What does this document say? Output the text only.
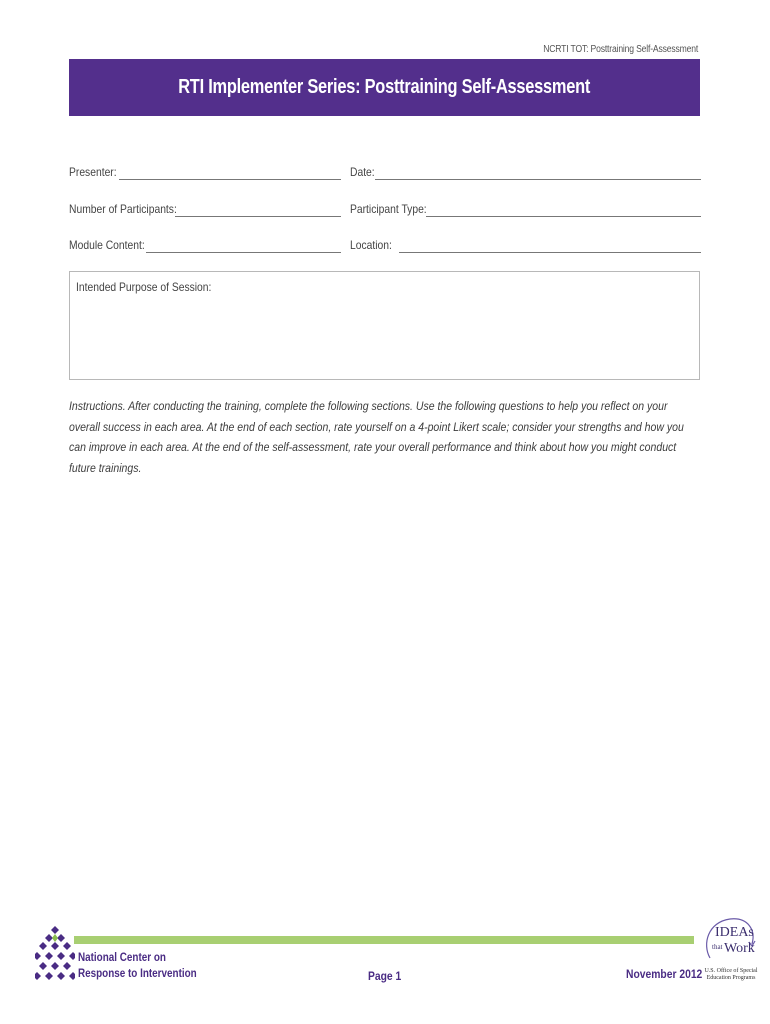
NCRTI TOT: Posttraining Self-Assessment
RTI Implementer Series: Posttraining Self-Assessment
Presenter:	Date:
Number of Participants:	Participant Type:
Module Content:	Location:
Intended Purpose of Session:
Instructions. After conducting the training, complete the following sections. Use the following questions to help you reflect on your overall success in each area. At the end of each section, rate yourself on a 4-point Likert scale; consider your strengths and how you can improve in each area. At the end of the self-assessment, rate your overall performance and think about how you might conduct future trainings.
National Center on
Response to Intervention	Page 1	November 2012
IDEAs
that Work
U.S. Office of Special
Education Programs
